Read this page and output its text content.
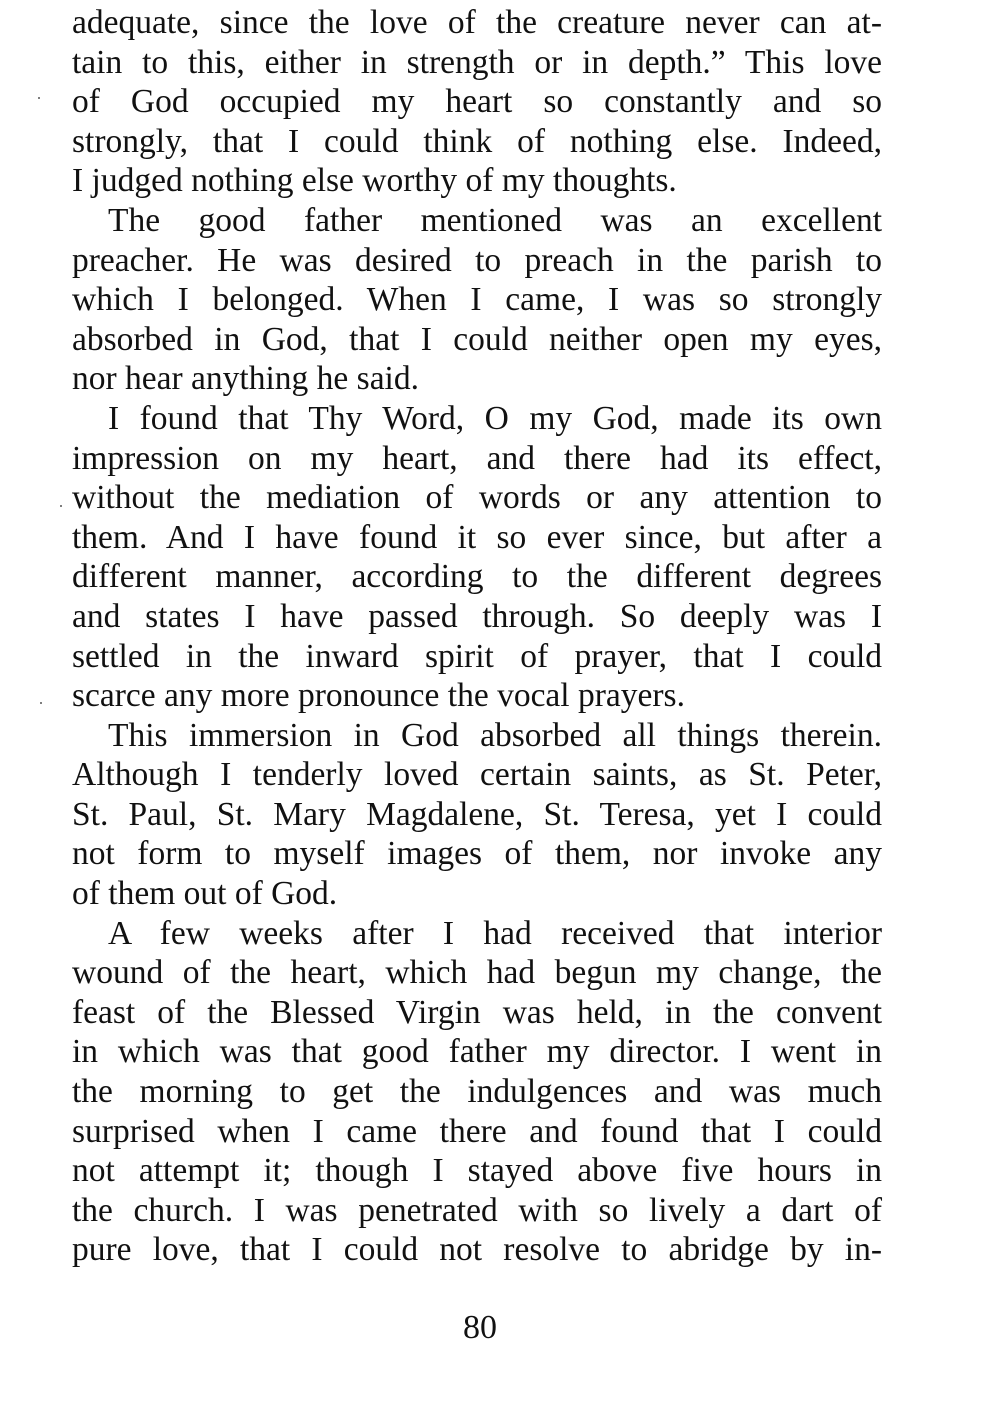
adequate, since the love of the creature never can at-
tain to this, either in strength or in depth.” This love
of God occupied my heart so constantly and so
strongly, that I could think of nothing else. Indeed,
I judged nothing else worthy of my thoughts.
The good father mentioned was an excellent
preacher. He was desired to preach in the parish to
which I belonged. When I came, I was so strongly
absorbed in God, that I could neither open my eyes,
nor hear anything he said.
I found that Thy Word, O my God, made its own
impression on my heart, and there had its effect,
without the mediation of words or any attention to
them. And I have found it so ever since, but after a
different manner, according to the different degrees
and states I have passed through. So deeply was I
settled in the inward spirit of prayer, that I could
scarce any more pronounce the vocal prayers.
This immersion in God absorbed all things therein.
Although I tenderly loved certain saints, as St. Peter,
St. Paul, St. Mary Magdalene, St. Teresa, yet I could
not form to myself images of them, nor invoke any
of them out of God.
A few weeks after I had received that interior
wound of the heart, which had begun my change, the
feast of the Blessed Virgin was held, in the convent
in which was that good father my director. I went in
the morning to get the indulgences and was much
surprised when I came there and found that I could
not attempt it; though I stayed above five hours in
the church. I was penetrated with so lively a dart of
pure love, that I could not resolve to abridge by in-
80
